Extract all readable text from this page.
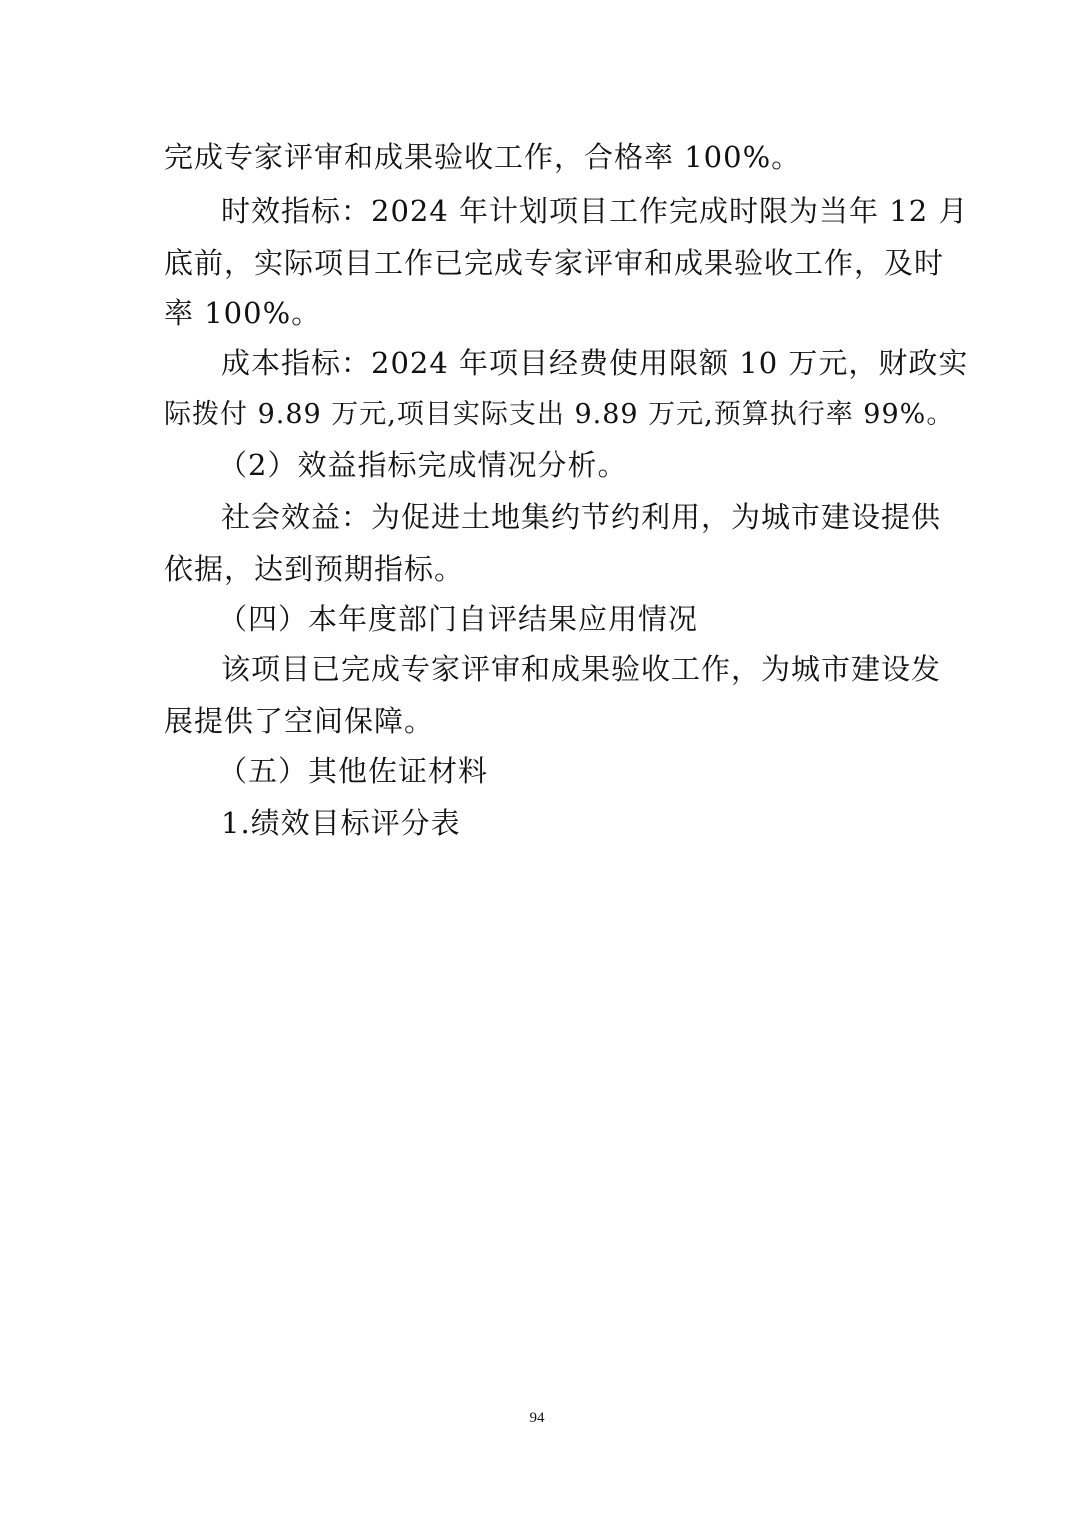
完成专家评审和成果验收工作，合格率 100%。
时效指标：2024 年计划项目工作完成时限为当年 12 月
底前，实际项目工作已完成专家评审和成果验收工作，及时
率 100%。
成本指标：2024 年项目经费使用限额 10 万元，财政实
际拨付 9.89 万元,项目实际支出 9.89 万元,预算执行率 99%。
（2）效益指标完成情况分析。
社会效益：为促进土地集约节约利用，为城市建设提供
依据，达到预期指标。
（四）本年度部门自评结果应用情况
该项目已完成专家评审和成果验收工作，为城市建设发
展提供了空间保障。
（五）其他佐证材料
1.绩效目标评分表
94
